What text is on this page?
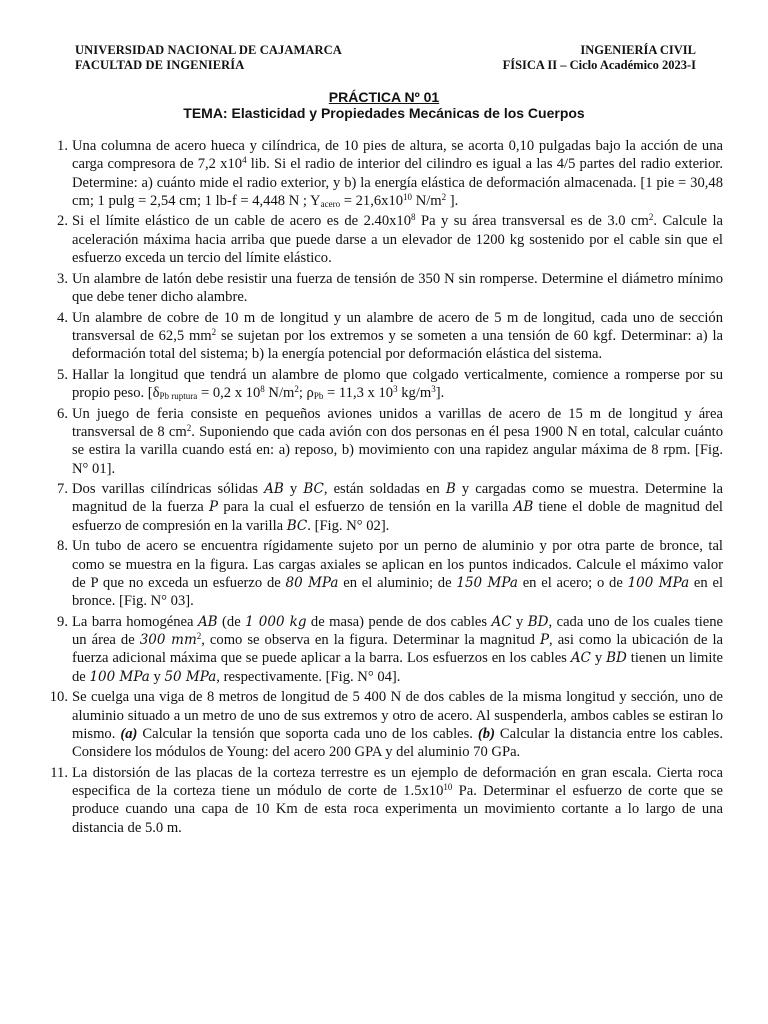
UNIVERSIDAD NACIONAL DE CAJAMARCA
FACULTAD DE INGENIERÍA
INGENIERÍA CIVIL
FÍSICA II – Ciclo Académico 2023-I
PRÁCTICA Nº 01
TEMA: Elasticidad y Propiedades Mecánicas de los Cuerpos
1. Una columna de acero hueca y cilíndrica, de 10 pies de altura, se acorta 0,10 pulgadas bajo la acción de una carga compresora de 7,2 $x10^4$ lib. Si el radio de interior del cilindro es igual a las 4/5 partes del radio exterior. Determine: a) cuánto mide el radio exterior, y b) la energía elástica de deformación almacenada. [1 pie = 30,48 cm; 1 pulg = 2,54 cm; 1 lb-f = 4,448 N ; $Y_{acero} = 21,6x10^{10}$ $N/m^2$ ].
2. Si el límite elástico de un cable de acero es de $2.40x10^8$ Pa y su área transversal es de 3.0 $cm^2$. Calcule la aceleración máxima hacia arriba que puede darse a un elevador de 1200 kg sostenido por el cable sin que el esfuerzo exceda un tercio del límite elástico.
3. Un alambre de latón debe resistir una fuerza de tensión de 350 N sin romperse. Determine el diámetro mínimo que debe tener dicho alambre.
4. Un alambre de cobre de 10 m de longitud y un alambre de acero de 5 m de longitud, cada uno de sección transversal de 62,5 $mm^2$ se sujetan por los extremos y se someten a una tensión de 60 kgf. Determinar: a) la deformación total del sistema; b) la energía potencial por deformación elástica del sistema.
5. Hallar la longitud que tendrá un alambre de plomo que colgado verticalmente, comience a romperse por su propio peso. [$\delta_{Pb ruptura} = 0,2$ x $10^8$ $N/m^2$; $\rho_{Pb} = 11,3$ x $10^3$ $kg/m^3$].
6. Un juego de feria consiste en pequeños aviones unidos a varillas de acero de 15 m de longitud y área transversal de 8 $cm^2$. Suponiendo que cada avión con dos personas en él pesa 1900 N en total, calcular cuánto se estira la varilla cuando está en: a) reposo, b) movimiento con una rapidez angular máxima de 8 rpm. [Fig. N° 01].
7. Dos varillas cilíndricas sólidas AB y BC, están soldadas en B y cargadas como se muestra. Determine la magnitud de la fuerza P para la cual el esfuerzo de tensión en la varilla AB tiene el doble de magnitud del esfuerzo de compresión en la varilla BC. [Fig. N° 02].
8. Un tubo de acero se encuentra rígidamente sujeto por un perno de aluminio y por otra parte de bronce, tal como se muestra en la figura. Las cargas axiales se aplican en los puntos indicados. Calcule el máximo valor de P que no exceda un esfuerzo de 80 MPa en el aluminio; de 150 MPa en el acero; o de 100 MPa en el bronce. [Fig. N° 03].
9. La barra homogénea AB (de 1 000 kg de masa) pende de dos cables AC y BD, cada uno de los cuales tiene un área de 300 $mm^2$, como se observa en la figura. Determinar la magnitud P, asi como la ubicación de la fuerza adicional máxima que se puede aplicar a la barra. Los esfuerzos en los cables AC y BD tienen un limite de 100 MPa y 50 MPa, respectivamente. [Fig. N° 04].
10. Se cuelga una viga de 8 metros de longitud de 5 400 N de dos cables de la misma longitud y sección, uno de aluminio situado a un metro de uno de sus extremos y otro de acero. Al suspenderla, ambos cables se estiran lo mismo. (a) Calcular la tensión que soporta cada uno de los cables. (b) Calcular la distancia entre los cables. Considere los módulos de Young: del acero 200 GPA y del aluminio 70 GPa.
11. La distorsión de las placas de la corteza terrestre es un ejemplo de deformación en gran escala. Cierta roca especifica de la corteza tiene un módulo de corte de $1.5x10^{10}$ Pa. Determinar el esfuerzo de corte que se produce cuando una capa de 10 Km de esta roca experimenta un movimiento cortante a lo largo de una distancia de 5.0 m.
